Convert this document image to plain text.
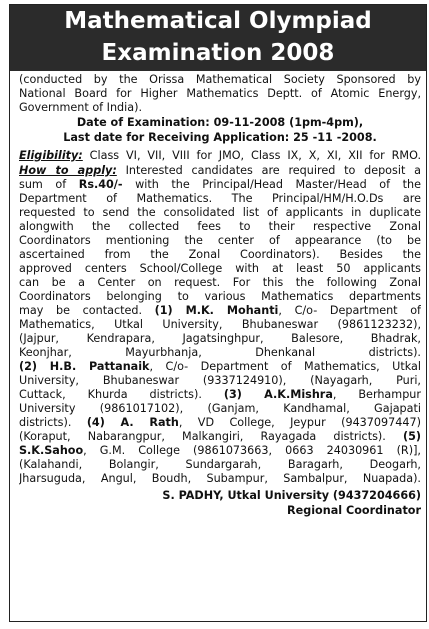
Mathematical Olympiad
Examination 2008
(conducted by the Orissa Mathematical Society Sponsored by
National Board for Higher Mathematics Deptt. of Atomic Energy,
Government of India).
Date of Examination: 09-11-2008 (1pm-4pm),
Last date for Receiving Application: 25 -11 -2008.
Eligibility: Class VI, VII, VIII for JMO, Class IX, X, XI, XII for RMO.
How to apply: Interested candidates are required to deposit a
sum of Rs.40/- with the Principal/Head Master/Head of the
Department of Mathematics. The Principal/HM/H.O.Ds are
requested to send the consolidated list of applicants in duplicate
alongwith the collected fees to their respective Zonal
Coordinators mentioning the center of appearance (to be
ascertained from the Zonal Coordinators). Besides the
approved centers School/College with at least 50 applicants
can be a Center on request. For this the following Zonal
Coordinators belonging to various Mathematics departments
may be contacted. (1) M.K. Mohanti, C/o- Department of
Mathematics, Utkal University, Bhubaneswar (9861123232),
(Jajpur, Kendrapara, Jagatsinghpur, Balesore, Bhadrak,
Keonjhar, Mayurbhanja, Dhenkanal districts).
(2) H.B. Pattanaik, C/o- Department of Mathematics, Utkal
University, Bhubaneswar (9337124910), (Nayagarh, Puri,
Cuttack, Khurda districts). (3) A.K.Mishra, Berhampur
University (9861017102), (Ganjam, Kandhamal, Gajapati
districts). (4) A. Rath, VD College, Jeypur (9437097447)
(Koraput, Nabarangpur, Malkangiri, Rayagada districts). (5)
S.K.Sahoo, G.M. College (9861073663, 0663 24030961 (R)],
(Kalahandi, Bolangir, Sundargarah, Baragarh, Deogarh,
Jharsuguda, Angul, Boudh, Subampur, Sambalpur, Nuapada).
S. PADHY, Utkal University (9437204666)
Regional Coordinator
